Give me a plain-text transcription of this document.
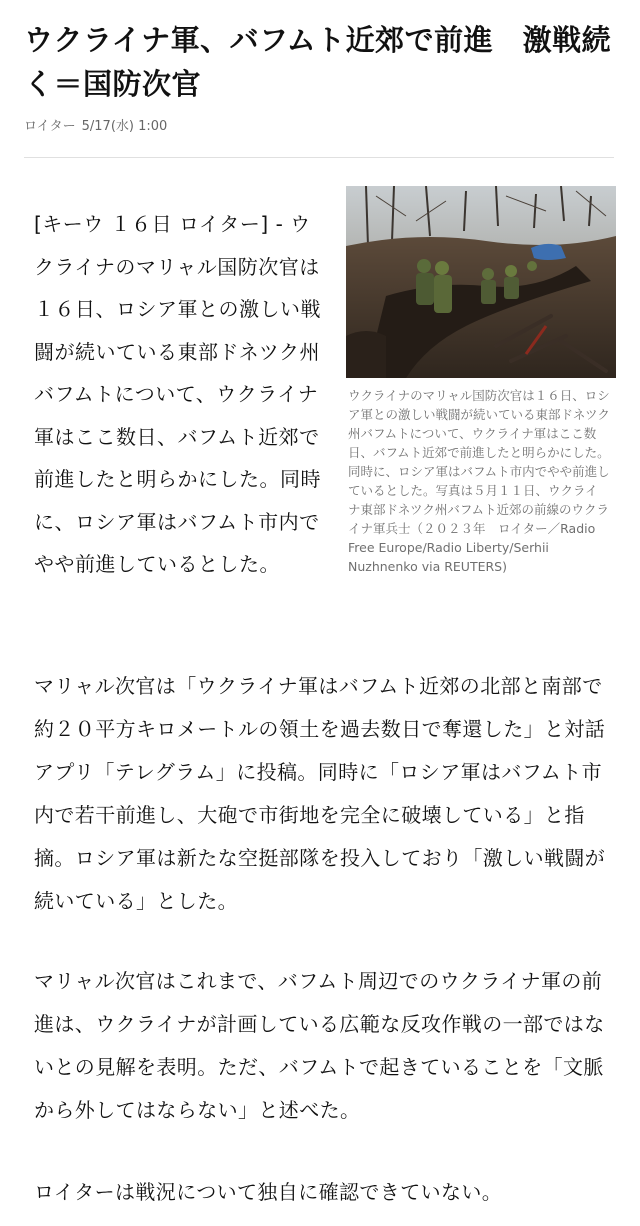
ウクライナ軍、バフムト近郊で前進　激戦続く＝国防次官
ロイター 5/17(水) 1:00

[キーウ １６日 ロイター] - ウクライナのマリャル国防次官は１６日、ロシア軍との激しい戦闘が続いている東部ドネツク州バフムトについて、ウクライナ軍はここ数日、バフムト近郊で前進したと明らかにした。同時に、ロシア軍はバフムト市内でやや前進しているとした。

ウクライナのマリャル国防次官は１６日、ロシア軍との激しい戦闘が続いている東部ドネツク州バフムトについて、ウクライナ軍はここ数日、バフムト近郊で前進したと明らかにした。同時に、ロシア軍はバフムト市内でやや前進しているとした。写真は５月１１日、ウクライナ東部ドネツク州バフムト近郊の前線のウクライナ軍兵士（２０２３年　ロイター／Radio Free Europe/Radio Liberty/Serhii Nuzhnenko via REUTERS)

マリャル次官は「ウクライナ軍はバフムト近郊の北部と南部で約２０平方キロメートルの領土を過去数日で奪還した」と対話アプリ「テレグラム」に投稿。同時に「ロシア軍はバフムト市内で若干前進し、大砲で市街地を完全に破壊している」と指摘。ロシア軍は新たな空挺部隊を投入しており「激しい戦闘が続いている」とした。

マリャル次官はこれまで、バフムト周辺でのウクライナ軍の前進は、ウクライナが計画している広範な反攻作戦の一部ではないとの見解を表明。ただ、バフムトで起きていることを「文脈から外してはならない」と述べた。

ロイターは戦況について独自に確認できていない。
